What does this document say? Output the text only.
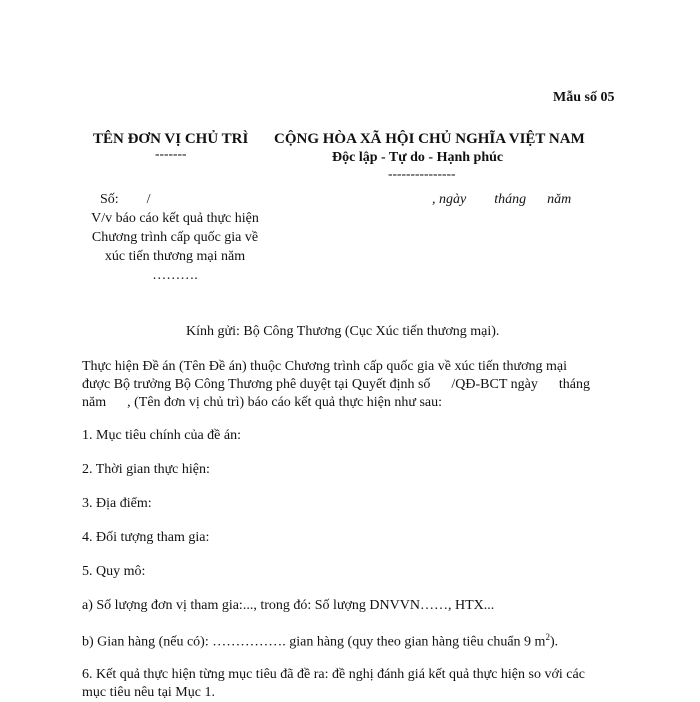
Mẫu số 05
TÊN ĐƠN VỊ CHỦ TRÌ
-------
CỘNG HÒA XÃ HỘI CHỦ NGHĨA VIỆT NAM
Độc lập - Tự do - Hạnh phúc
---------------
Số:        /	, ngày        tháng      năm
V/v báo cáo kết quả thực hiện
Chương trình cấp quốc gia về
xúc tiến thương mại năm
……….
Kính gửi: Bộ Công Thương (Cục Xúc tiến thương mại).
Thực hiện Đề án (Tên Đề án) thuộc Chương trình cấp quốc gia về xúc tiến thương mại
được Bộ trưởng Bộ Công Thương phê duyệt tại Quyết định số      /QĐ-BCT ngày      tháng
năm      , (Tên đơn vị chủ trì) báo cáo kết quả thực hiện như sau:
1. Mục tiêu chính của đề án:
2. Thời gian thực hiện:
3. Địa điểm:
4. Đối tượng tham gia:
5. Quy mô:
a) Số lượng đơn vị tham gia:..., trong đó: Số lượng DNVVN……, HTX...
b) Gian hàng (nếu có): ……………. gian hàng (quy theo gian hàng tiêu chuẩn 9 $m^2$).
6. Kết quả thực hiện từng mục tiêu đã đề ra: đề nghị đánh giá kết quả thực hiện so với các
mục tiêu nêu tại Mục 1.
